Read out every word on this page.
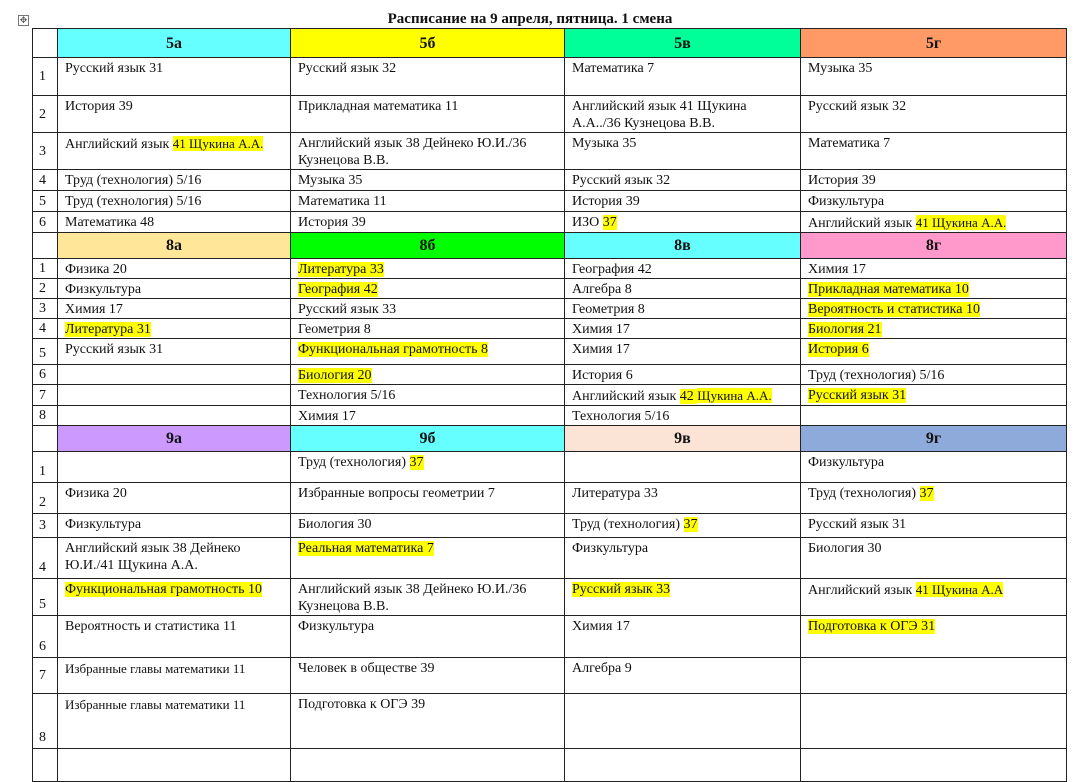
✥	Расписание на 9 апреля, пятница. 1 смена
	5а	5б	5в	5г
1	Русский язык 31	Русский язык 32	Математика 7	Музыка 35
2	История 39	Прикладная математика 11	Английский язык 41 Щукина А.А../36 Кузнецова В.В.	Русский язык 32
3	Английский язык 41 Щукина А.А.	Английский язык 38 Дейнеко Ю.И./36 Кузнецова В.В.	Музыка 35	Математика 7
4	Труд (технология) 5/16	Музыка 35	Русский язык 32	История 39
5	Труд (технология) 5/16	Математика 11	История 39	Физкультура
6	Математика 48	История 39	ИЗО 37	Английский язык 41 Щукина А.А.
	8а	8б	8в	8г
1	Физика 20	Литература 33	География 42	Химия 17
2	Физкультура	География 42	Алгебра 8	Прикладная математика 10
3	Химия 17	Русский язык 33	Геометрия 8	Вероятность и статистика 10
4	Литература 31	Геометрия 8	Химия 17	Биология 21
5	Русский язык 31	Функциональная грамотность 8	Химия 17	История 6
6		Биология 20	История 6	Труд (технология) 5/16
7		Технология 5/16	Английский язык 42 Щукина А.А.	Русский язык 31
8		Химия 17	Технология 5/16	
	9а	9б	9в	9г
1		Труд (технология) 37		Физкультура
2	Физика 20	Избранные вопросы геометрии 7	Литература 33	Труд (технология) 37
3	Физкультура	Биология 30	Труд (технология) 37	Русский язык 31
4	Английский язык 38 Дейнеко Ю.И./41 Щукина А.А.	Реальная математика 7	Физкультура	Биология 30
5	Функциональная грамотность 10	Английский язык 38 Дейнеко Ю.И./36 Кузнецова В.В.	Русский язык 33	Английский язык 41 Щукина А.А
6	Вероятность и статистика 11	Физкультура	Химия 17	Подготовка к ОГЭ 31
7	Избранные главы математики 11	Человек в обществе 39	Алгебра 9	
8	Избранные главы математики 11	Подготовка к ОГЭ 39		
